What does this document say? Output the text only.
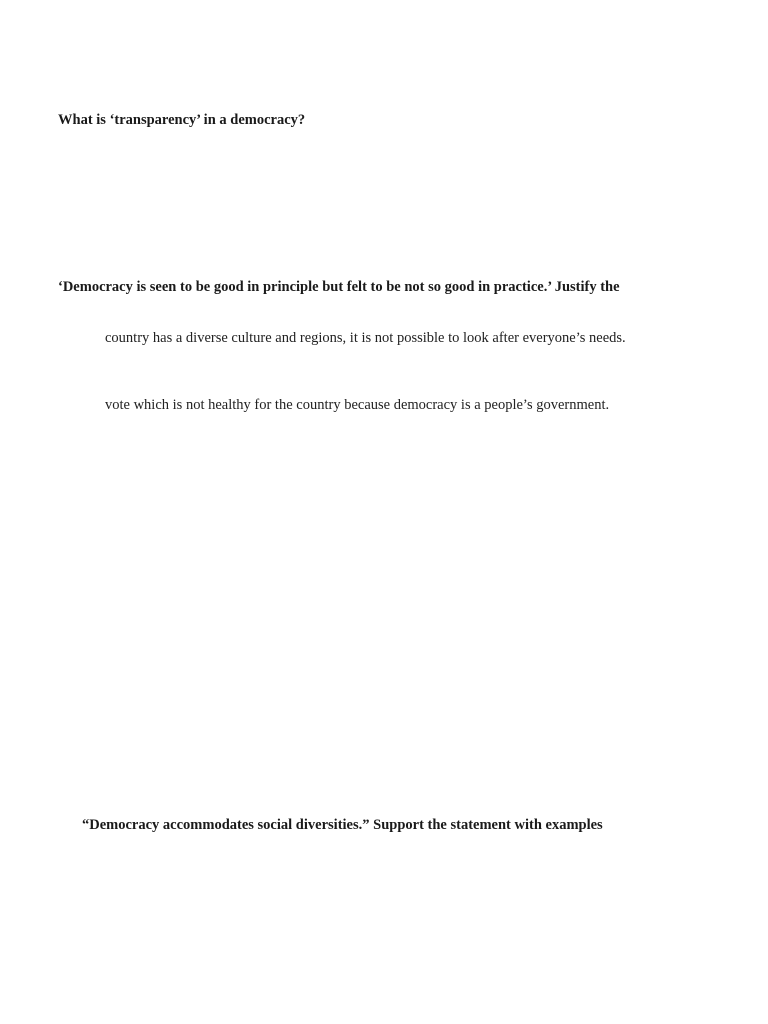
What is ‘transparency’ in a democracy?
‘Democracy is seen to be good in principle but felt to be not so good in practice.’ Justify the
country has a diverse culture and regions, it is not possible to look after everyone’s needs.
vote which is not healthy for the country because democracy is a people’s government.
“Democracy accommodates social diversities.” Support the statement with examples
